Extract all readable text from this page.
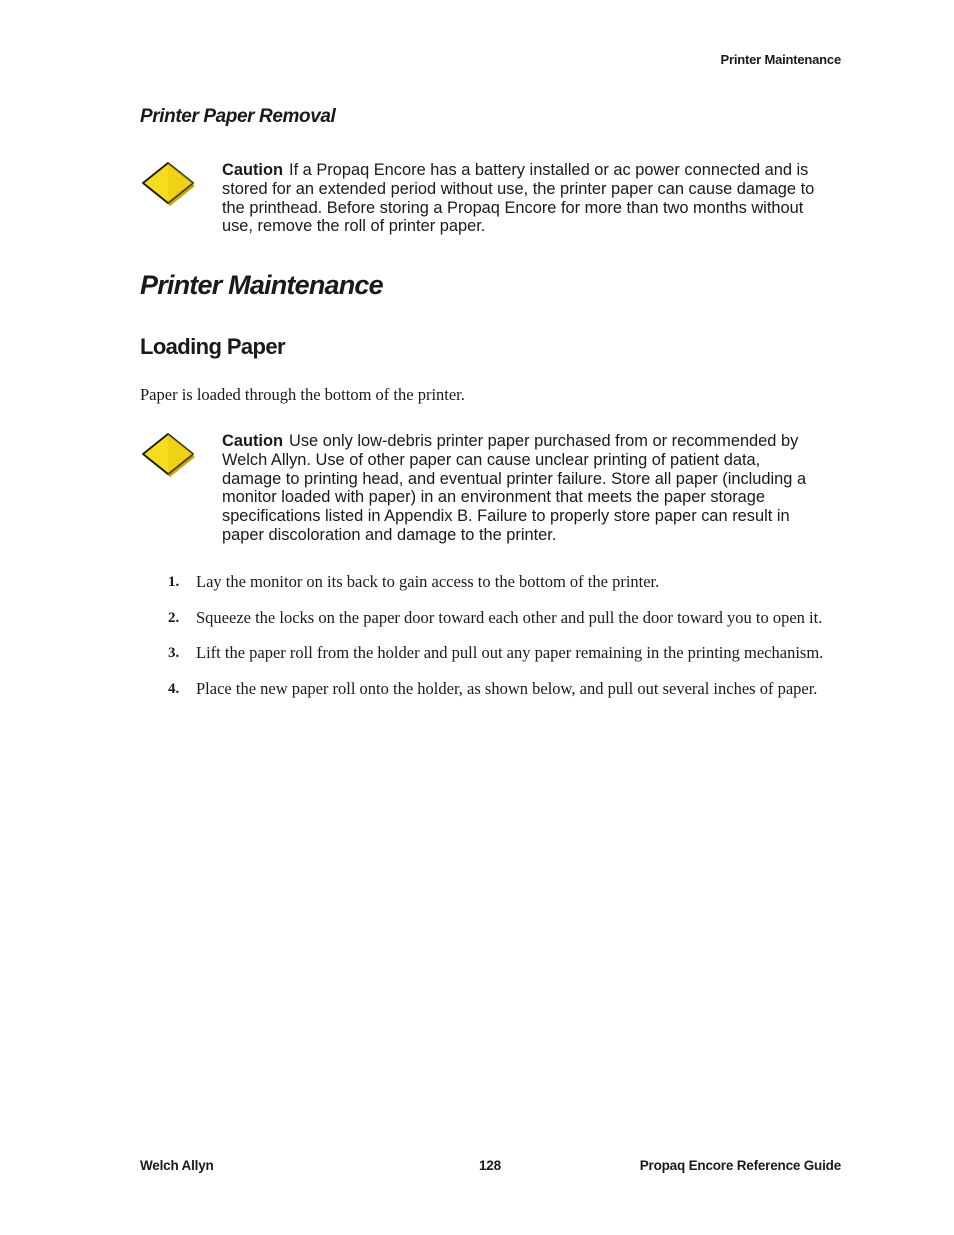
Printer Maintenance
Printer Paper Removal
Caution If a Propaq Encore has a battery installed or ac power connected and is stored for an extended period without use, the printer paper can cause damage to the printhead. Before storing a Propaq Encore for more than two months without use, remove the roll of printer paper.
Printer Maintenance
Loading Paper
Paper is loaded through the bottom of the printer.
Caution Use only low-debris printer paper purchased from or recommended by Welch Allyn. Use of other paper can cause unclear printing of patient data, damage to printing head, and eventual printer failure. Store all paper (including a monitor loaded with paper) in an environment that meets the paper storage specifications listed in Appendix B. Failure to properly store paper can result in paper discoloration and damage to the printer.
1. Lay the monitor on its back to gain access to the bottom of the printer.
2. Squeeze the locks on the paper door toward each other and pull the door toward you to open it.
3. Lift the paper roll from the holder and pull out any paper remaining in the printing mechanism.
4. Place the new paper roll onto the holder, as shown below, and pull out several inches of paper.
Welch Allyn	128	Propaq Encore Reference Guide
